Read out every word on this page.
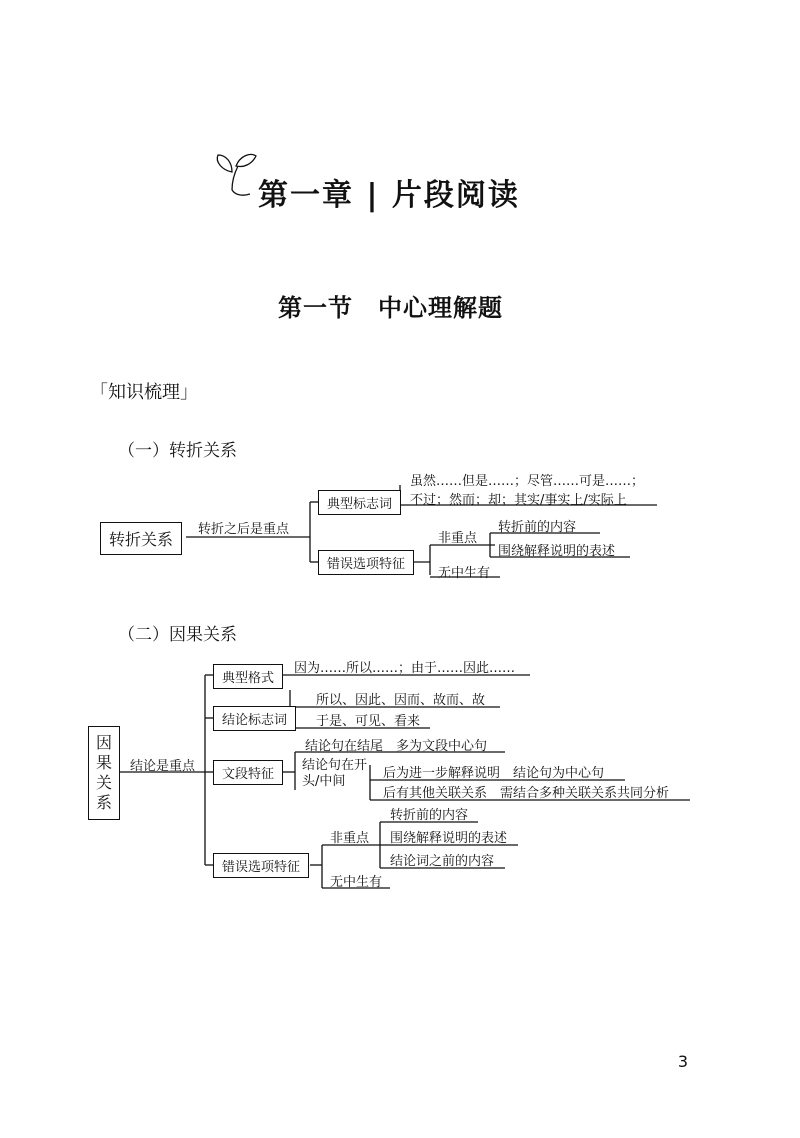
第一章 | 片段阅读
第一节　中心理解题
「知识梳理」
（一）转折关系
转折关系
转折之后是重点
典型标志词
虽然……但是……；尽管……可是……；
不过；然而；却；其实/事实上/实际上
错误选项特征
非重点
转折前的内容
围绕解释说明的表述
无中生有
（二）因果关系
因果关系
结论是重点
典型格式
因为……所以……；由于……因此……
结论标志词
所以、因此、因而、故而、故
于是、可见、看来
文段特征
结论句在结尾　多为文段中心句
结论句在开头/中间
后为进一步解释说明　结论句为中心句
后有其他关联关系　需结合多种关联关系共同分析
错误选项特征
非重点
转折前的内容
围绕解释说明的表述
结论词之前的内容
无中生有
3
